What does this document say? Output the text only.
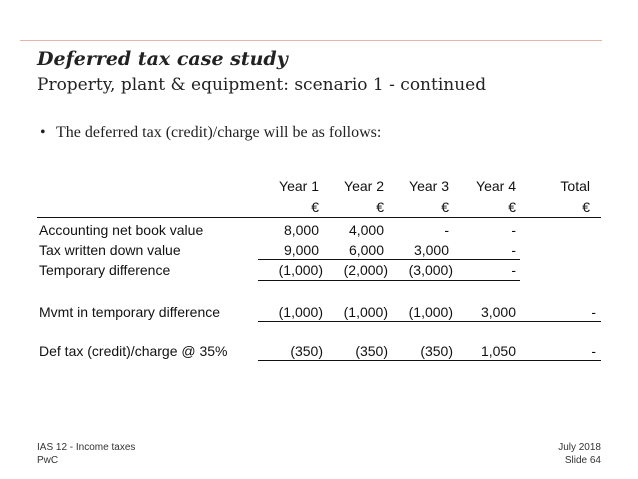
Deferred tax case study
Property, plant & equipment: scenario 1 - continued
• The deferred tax (credit)/charge will be as follows:
Year 1	Year 2	Year 3	Year 4	Total
€	€	€	€	€
Accounting net book value	8,000	4,000	-	-
Tax written down value	9,000	6,000	3,000	-
Temporary difference	(1,000)	(2,000)	(3,000)	-
Mvmt in temporary difference	(1,000)	(1,000)	(1,000)	3,000	-
Def tax (credit)/charge @ 35%	(350)	(350)	(350)	1,050	-
IAS 12 - Income taxes
PwC
July 2018
Slide 64
